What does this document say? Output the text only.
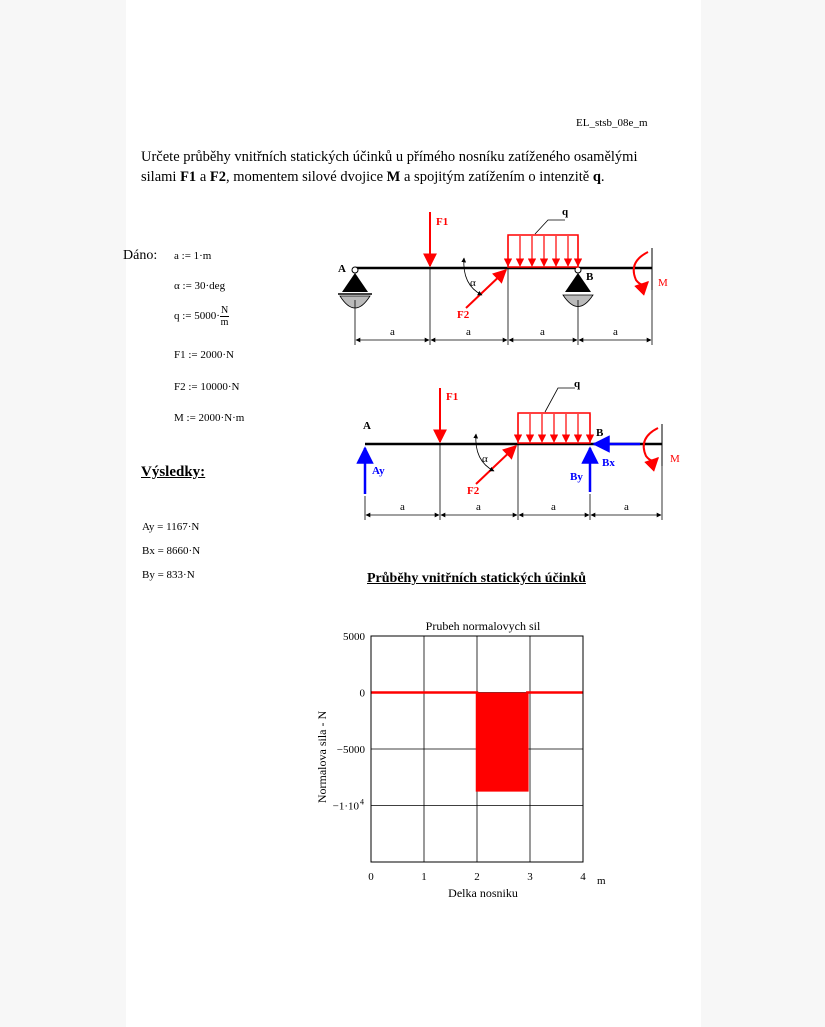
EL_stsb_08e_m
Určete průběhy vnitřních statických účinků u přímého nosníku zatíženého osamělými
silami F1 a F2, momentem silové dvojice M a spojitým zatížením o intenzitě q.
Dáno: a := 1·m
α := 30·deg
q := $5000\cdot \frac{N}{m}$
F1 := 2000·N
F2 := 10000·N
M := 2000·N·m
Výsledky:
Ay = 1167·N
Bx = 8660·N
By = 833·N
A
B
F1
q
F2
α	M
a	a	a	a
A
B
Ay	By
Bx
F1
q
F2
α	M
a	a	a	a
Průběhy vnitřních statických účinků
Prubeh normalovych sil
5000
0
−5000
−1·10 4
0	1	2	3	4 m
Delka nosniku
Normalova sila - N
